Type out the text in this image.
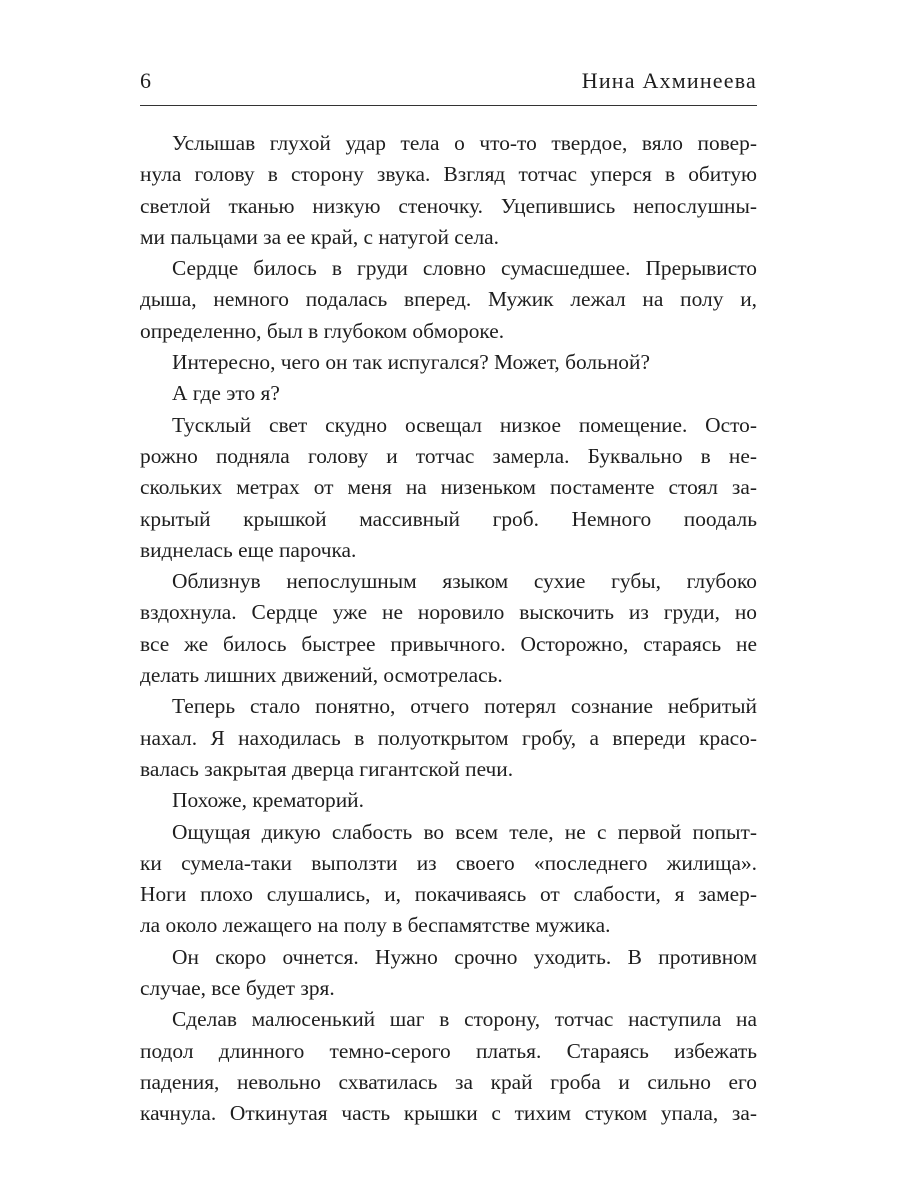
6	Нина Ахминеева
Услышав глухой удар тела о что-то твердое, вяло повер-
нула голову в сторону звука. Взгляд тотчас уперся в обитую
светлой тканью низкую стеночку. Уцепившись непослушны-
ми пальцами за ее край, с натугой села.
Сердце билось в груди словно сумасшедшее. Прерывисто
дыша, немного подалась вперед. Мужик лежал на полу и,
определенно, был в глубоком обмороке.
Интересно, чего он так испугался? Может, больной?
А где это я?
Тусклый свет скудно освещал низкое помещение. Осто-
рожно подняла голову и тотчас замерла. Буквально в не-
скольких метрах от меня на низеньком постаменте стоял за-
крытый крышкой массивный гроб. Немного поодаль
виднелась еще парочка.
Облизнув непослушным языком сухие губы, глубоко
вздохнула. Сердце уже не норовило выскочить из груди, но
все же билось быстрее привычного. Осторожно, стараясь не
делать лишних движений, осмотрелась.
Теперь стало понятно, отчего потерял сознание небритый
нахал. Я находилась в полуоткрытом гробу, а впереди красо-
валась закрытая дверца гигантской печи.
Похоже, крематорий.
Ощущая дикую слабость во всем теле, не с первой попыт-
ки сумела-таки выползти из своего «последнего жилища».
Ноги плохо слушались, и, покачиваясь от слабости, я замер-
ла около лежащего на полу в беспамятстве мужика.
Он скоро очнется. Нужно срочно уходить. В противном
случае, все будет зря.
Сделав малюсенький шаг в сторону, тотчас наступила на
подол длинного темно-серого платья. Стараясь избежать
падения, невольно схватилась за край гроба и сильно его
качнула. Откинутая часть крышки с тихим стуком упала, за-
